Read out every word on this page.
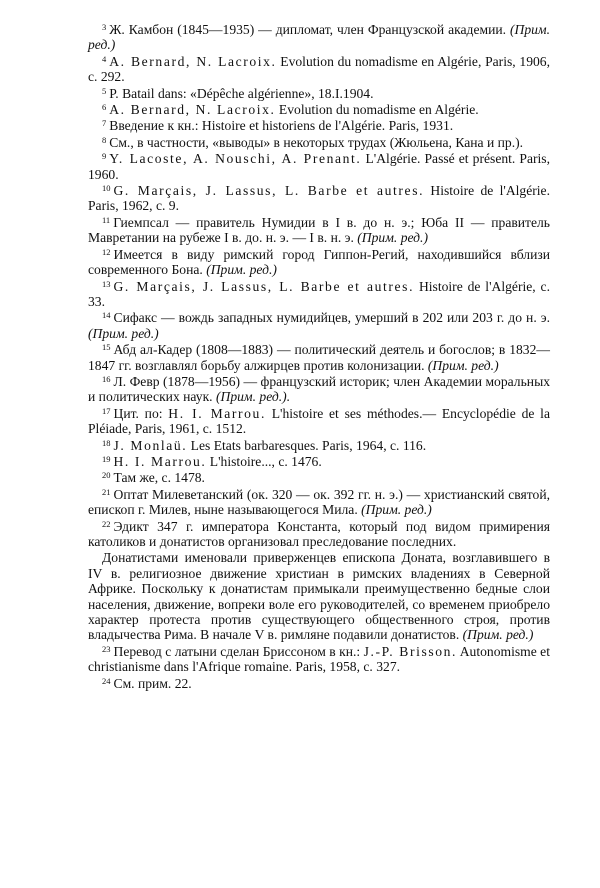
$^3$ Ж. Камбон (1845—1935) — дипломат, член Французской академии. (Прим. ред.)

$^4$ A. Bernard, N. Lacroix. Evolution du nomadisme en Algérie, Paris, 1906, c. 292.

$^5$ P. Batail dans: «Dépêche algérienne», 18.I.1904.

$^6$ A. Bernard, N. Lacroix. Evolution du nomadisme en Algérie.

$^7$ Введение к кн.: Histoire et historiens de l'Algérie. Paris, 1931.

$^8$ См., в частности, «выводы» в некоторых трудах (Жюльена, Кана и пр.).

$^9$ Y. Lacoste, A. Nouschi, A. Prenant. L'Algérie. Passé et présent. Paris, 1960.

$^{10}$ G. Marçais, J. Lassus, L. Barbe et autres. Histoire de l'Algérie. Paris, 1962, c. 9.

$^{11}$ Гиемпсал — правитель Нумидии в I в. до н. э.; Юба II — правитель Мавретании на рубеже I в. до. н. э. — I в. н. э. (Прим. ред.)

$^{12}$ Имеется в виду римский город Гиппон-Регий, находившийся вблизи современного Бона. (Прим. ред.)

$^{13}$ G. Marçais, J. Lassus, L. Barbe et autres. Histoire de l'Algérie, c. 33.

$^{14}$ Сифакс — вождь западных нумидийцев, умерший в 202 или 203 г. до н. э. (Прим. ред.)

$^{15}$ Абд ал-Кадер (1808—1883) — политический деятель и богослов; в 1832—1847 гг. возглавлял борьбу алжирцев против колонизации. (Прим. ред.)

$^{16}$ Л. Февр (1878—1956) — французский историк; член Академии моральных и политических наук. (Прим. ред.).

$^{17}$ Цит. по: H. I. Marrou. L'histoire et ses méthodes.— Encyclopédie de la Pléiade, Paris, 1961, c. 1512.

$^{18}$ J. Monlaü. Les Etats barbaresques. Paris, 1964, c. 116.

$^{19}$ H. I. Marrou. L'histoire..., c. 1476.

$^{20}$ Там же, с. 1478.

$^{21}$ Оптат Милеветанский (ок. 320 — ок. 392 гг. н. э.) — христианский святой, епископ г. Милев, ныне называющегося Мила. (Прим. ред.)

$^{22}$ Эдикт 347 г. императора Константа, который под видом примирения католиков и донатистов организовал преследование последних.

Донатистами именовали приверженцев епископа Доната, возглавившего в IV в. религиозное движение христиан в римских владениях в Северной Африке. Поскольку к донатистам примыкали преимущественно бедные слои населения, движение, вопреки воле его руководителей, со временем приобрело характер протеста против существующего общественного строя, против владычества Рима. В начале V в. римляне подавили донатистов. (Прим. ред.)

$^{23}$ Перевод с латыни сделан Бриссоном в кн.: J.-P. Brisson. Autonomisme et christianisme dans l'Afrique romaine. Paris, 1958, c. 327.

$^{24}$ См. прим. 22.
